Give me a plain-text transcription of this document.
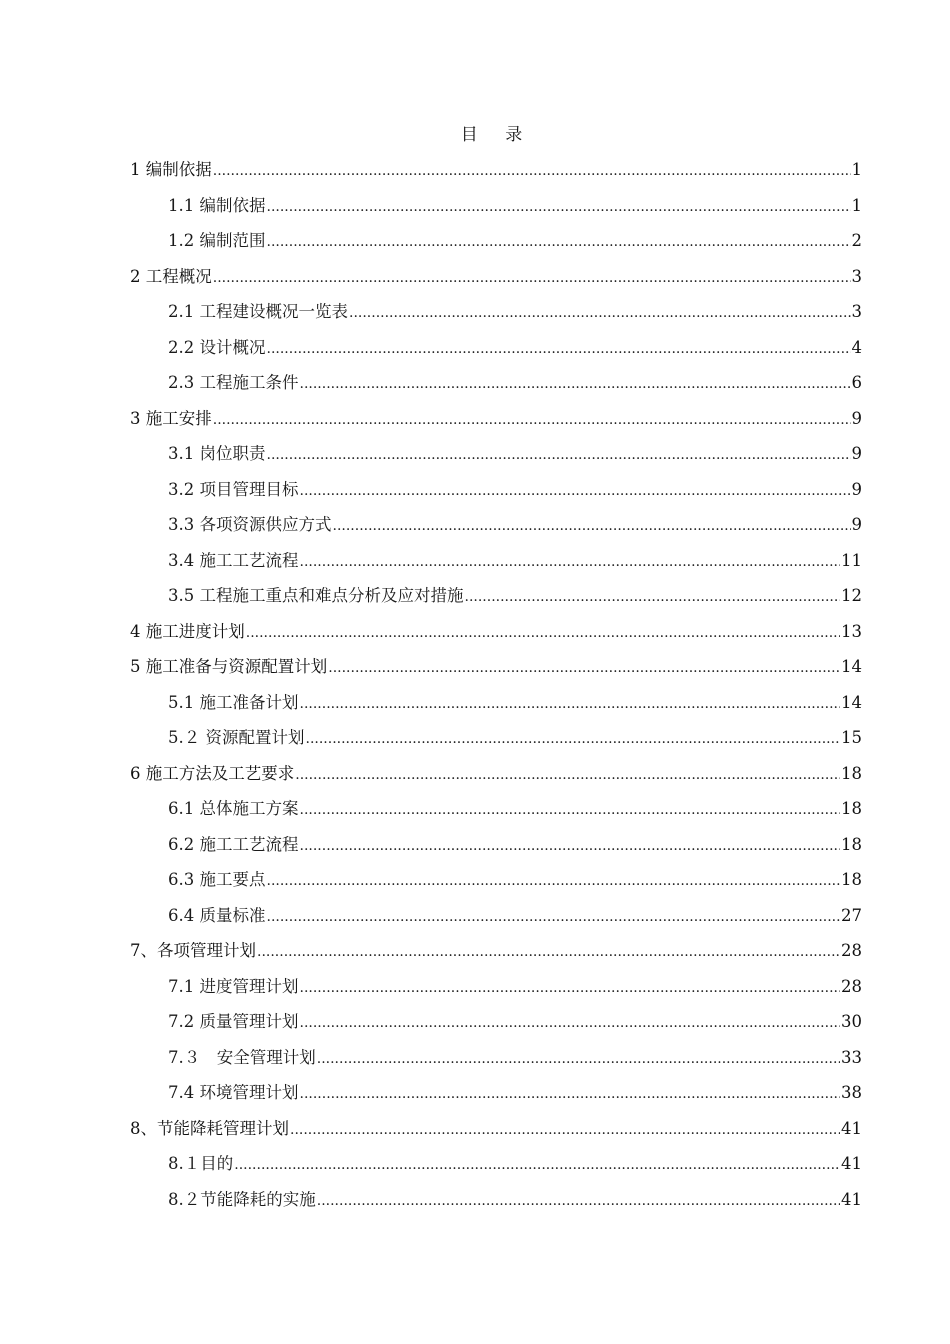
目 录
1 编制依据 .....	1
1.1 编制依据 .....	1
1.2 编制范围 .....	2
2 工程概况 .....	3
2.1 工程建设概况一览表 .....	3
2.2 设计概况 .....	4
2.3 工程施工条件 .....	6
3 施工安排 .....	9
3.1 岗位职责 .....	9
3.2 项目管理目标 .....	9
3.3 各项资源供应方式 .....	9
3.4 施工工艺流程 .....	11
3.5 工程施工重点和难点分析及应对措施 .....	12
4 施工进度计划 .....	13
5 施工准备与资源配置计划 .....	14
5.1 施工准备计划 .....	14
5.２ 资源配置计划 .....	15
6 施工方法及工艺要求 .....	18
6.1 总体施工方案 .....	18
6.2 施工工艺流程 .....	18
6.3 施工要点 .....	18
6.4 质量标准 .....	27
7、各项管理计划 .....	28
7.1 进度管理计划 .....	28
7.2 质量管理计划 .....	30
7.３　安全管理计划 .....	33
7.4 环境管理计划 .....	38
8、节能降耗管理计划 .....	41
8.１目的 .....	41
8.２节能降耗的实施 .....	41
